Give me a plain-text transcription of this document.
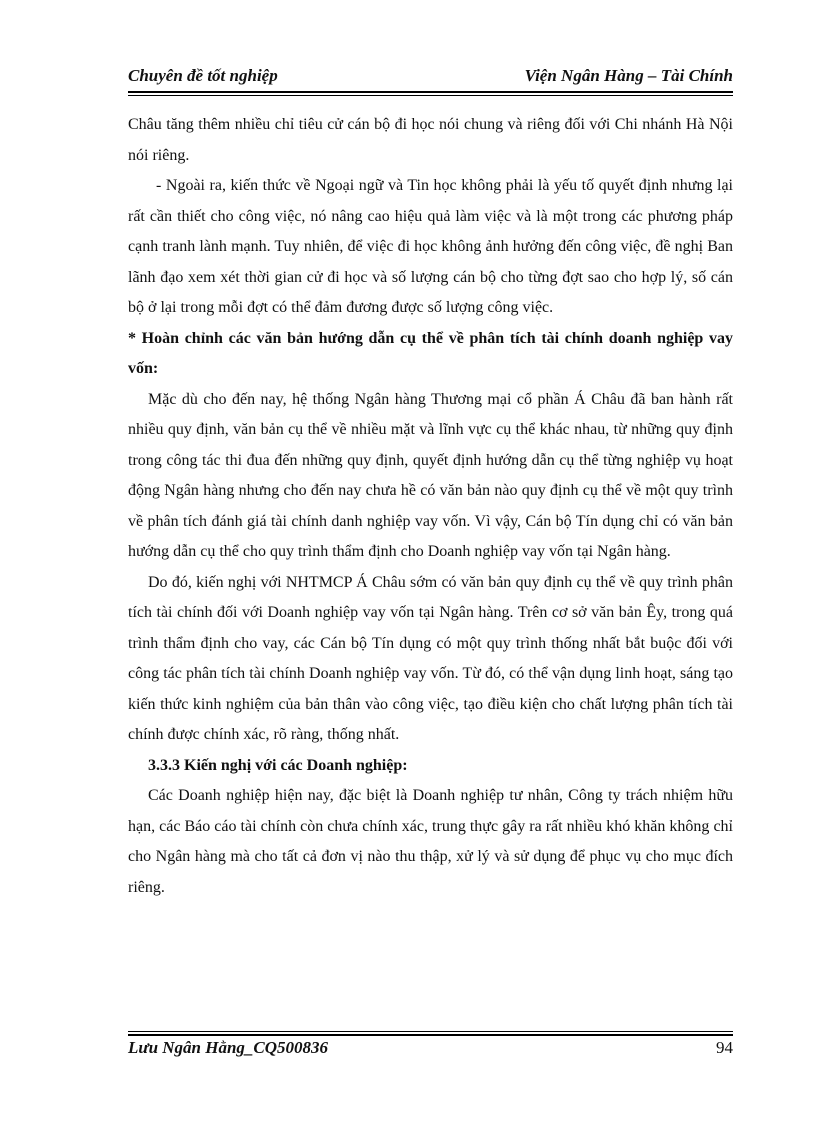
Chuyên đề tốt nghiệp	Viện Ngân Hàng – Tài Chính

Châu tăng thêm nhiều chỉ tiêu cử cán bộ đi học nói chung và riêng đối với Chi nhánh Hà Nội nói riêng.

- Ngoài ra, kiến thức về Ngoại ngữ và Tin học không phải là yếu tố quyết định nhưng lại rất cần thiết cho công việc, nó nâng cao hiệu quả làm việc và là một trong các phương pháp cạnh tranh lành mạnh. Tuy nhiên, để việc đi học không ảnh hưởng đến công việc, đề nghị Ban lãnh đạo xem xét thời gian cử đi học và số lượng cán bộ cho từng đợt sao cho hợp lý, số cán bộ ở lại trong mỗi đợt có thể đảm đương được số lượng công việc.

* Hoàn chỉnh các văn bản hướng dẫn cụ thể về phân tích tài chính doanh nghiệp vay vốn:

Mặc dù cho đến nay, hệ thống Ngân hàng Thương mại cổ phần Á Châu đã ban hành rất nhiều quy định, văn bản cụ thể về nhiều mặt và lĩnh vực cụ thể khác nhau, từ những quy định trong công tác thi đua đến những quy định, quyết định hướng dẫn cụ thể từng nghiệp vụ hoạt động Ngân hàng nhưng cho đến nay chưa hề có văn bản nào quy định cụ thể về một quy trình về phân tích đánh giá tài chính danh nghiệp vay vốn. Vì vậy, Cán bộ Tín dụng chỉ có văn bản hướng dẫn cụ thể cho quy trình thẩm định cho Doanh nghiệp vay vốn tại Ngân hàng.

Do đó, kiến nghị với NHTMCP Á Châu sớm có văn bản quy định cụ thể về quy trình phân tích tài chính đối với Doanh nghiệp vay vốn tại Ngân hàng. Trên cơ sở văn bản Êy, trong quá trình thẩm định cho vay, các Cán bộ Tín dụng có một quy trình thống nhất bắt buộc đối với công tác phân tích tài chính Doanh nghiệp vay vốn. Từ đó, có thể vận dụng linh hoạt, sáng tạo kiến thức kinh nghiệm của bản thân vào công việc, tạo điều kiện cho chất lượng phân tích tài chính được chính xác, rõ ràng, thống nhất.

3.3.3 Kiến nghị với các Doanh nghiệp:

Các Doanh nghiệp hiện nay, đặc biệt là Doanh nghiệp tư nhân, Công ty trách nhiệm hữu hạn, các Báo cáo tài chính còn chưa chính xác, trung thực gây ra rất nhiều khó khăn không chỉ cho Ngân hàng mà cho tất cả đơn vị nào thu thập, xử lý và sử dụng để phục vụ cho mục đích riêng.

Lưu Ngân Hằng_CQ500836	94
